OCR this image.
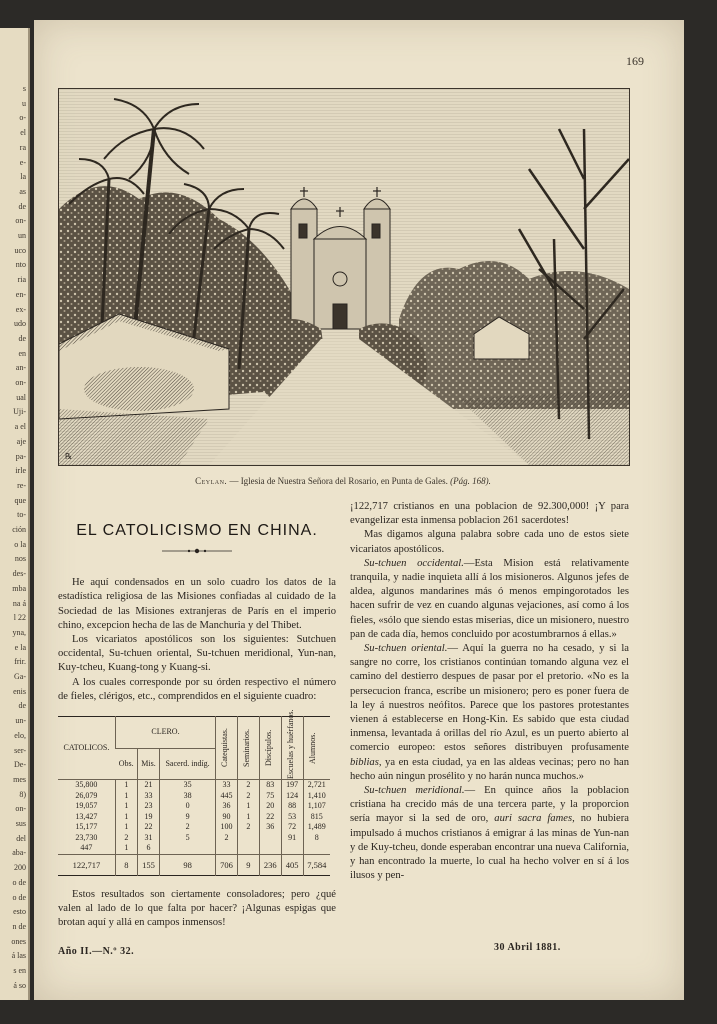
s
u
o-
el
ra
e-
la
as
de
on-
un
uco
nto
ria
en-
ex-
udo
de
en
an-
on-
ual
Uji-
a el
aje
pa-
irle
re-
que
to-
ción
o la
nos
des-
mba
na á
l 22
yna,
e la
frir.
Ga-
enis
de
un-
elo,
ser-
De-
mes
8)
on-
sus
del
aba-
200
o de
o de
esto
n de
ones
á las
s en
á so
169
℞
Ceylan. — Iglesia de Nuestra Señora del Rosario, en Punta de Gales. (Pág. 168).
EL CATOLICISMO EN CHINA.

He aquí condensados en un solo cuadro los datos de la estadística religiosa de las Misiones confiadas al cuidado de la Sociedad de las Misiones extranjeras de París en el imperio chino, excepcion hecha de las de Manchuria y del Thibet.

Los vicariatos apostólicos son los siguientes: Sutchuen occidental, Su-tchuen oriental, Su-tchuen meridional, Yun-nan, Kuy-tcheu, Kuang-tong y Kuang-si.

A los cuales corresponde por su órden respectivo el número de fieles, clérigos, etc., comprendidos en el siguiente cuadro:

CATOLICOS.	CLERO.			Catequistas.	Seminarios.	Discípulos.	Escuelas y huérfanos.	Alumnos.

	Obs.	Mis.	Sacerd. indíg.					
35,800	1	21	35	33	2	83	197	2,721
26,079	1	33	38	445	2	75	124	1,410
19,057	1	23	0	36	1	20	88	1,107
13,427	1	19	9	90	1	22	53	815
15,177	1	22	2	100	2	36	72	1,489
23,730	2	31	5	2			91	8
447	1	6						
122,717	8	155	98	706	9	236	405	7,584

Estos resultados son ciertamente consoladores; pero ¿qué valen al lado de lo que falta por hacer? ¡Algunas espigas que brotan aquí y allá en campos inmensos!

¡122,717 cristianos en una poblacion de 92.300,000! ¡Y para evangelizar esta inmensa poblacion 261 sacerdotes!

Mas digamos alguna palabra sobre cada uno de estos siete vicariatos apostólicos.

Su-tchuen occidental.—Esta Mision está relativamente tranquila, y nadie inquieta allí á los misioneros. Algunos jefes de aldea, algunos mandarines más ó menos empingorotados les hacen sufrir de vez en cuando algunas vejaciones, así como á los fieles, «sólo que siendo estas miserias, dice un misionero, nuestro pan de cada día, hemos concluido por acostumbrarnos á ellas.»

Su-tchuen oriental.— Aquí la guerra no ha cesado, y si la sangre no corre, los cristianos continúan tomando alguna vez el camino del destierro despues de pasar por el pretorio. «No es la persecucion franca, escribe un misionero; pero es poner fuera de la ley á nuestros neófitos. Parece que los pastores protestantes vienen á establecerse en Hong-Kin. Es sabido que esta ciudad inmensa, levantada á orillas del río Azul, es un puerto abierto al comercio europeo: estos señores distribuyen profusamente biblias, ya en esta ciudad, ya en las aldeas vecinas; pero no han hecho aún ningun prosélito y no harán nunca muchos.»

Su-tchuen meridional.— En quince años la poblacion cristiana ha crecido más de una tercera parte, y la proporcion sería mayor si la sed de oro, auri sacra fames, no hubiera impulsado á muchos cristianos á emigrar á las minas de Yun-nan y de Kuy-tcheu, donde esperaban encontrar una nueva California, y han encontrado la muerte, lo cual ha hecho volver en sí á los ilusos y pen-

Año II.—N.º 32.	30 Abril 1881.
